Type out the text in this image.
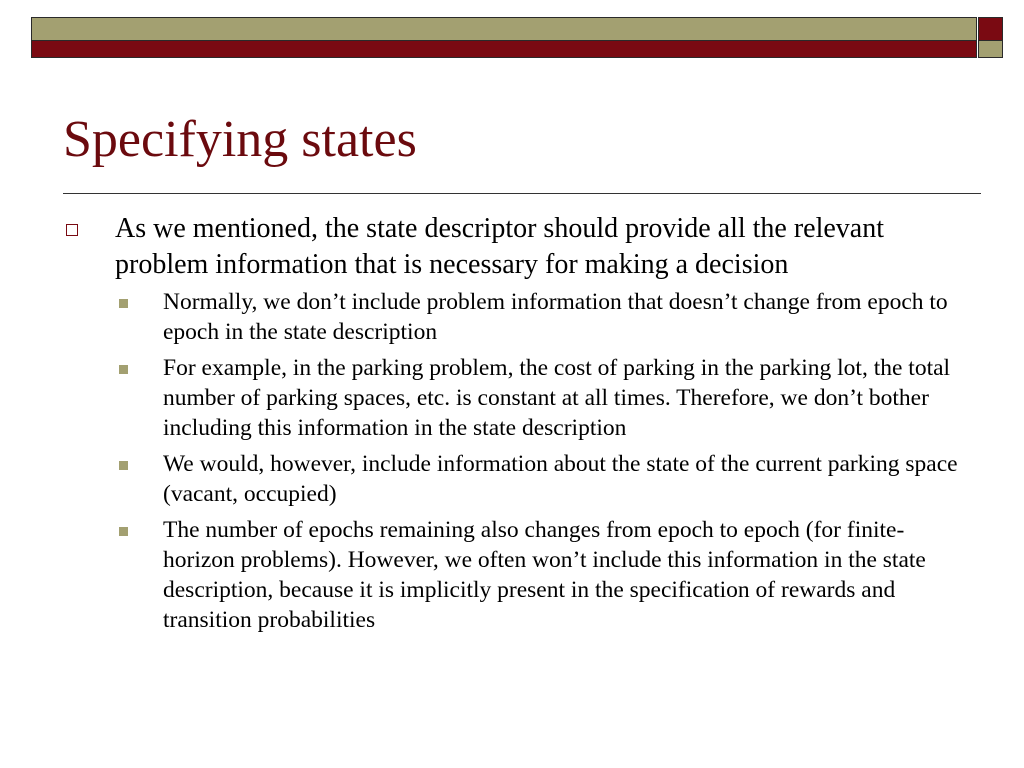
Specifying states
As we mentioned, the state descriptor should provide all the relevant problem information that is necessary for making a decision
Normally, we don’t include problem information that doesn’t change from epoch to epoch in the state description
For example, in the parking problem, the cost of parking in the parking lot, the total number of parking spaces, etc. is constant at all times. Therefore, we don’t bother including this information in the state description
We would, however, include information about the state of the current parking space (vacant, occupied)
The number of epochs remaining also changes from epoch to epoch (for finite-horizon problems). However, we often won’t include this information in the state description, because it is implicitly present in the specification of rewards and transition probabilities
